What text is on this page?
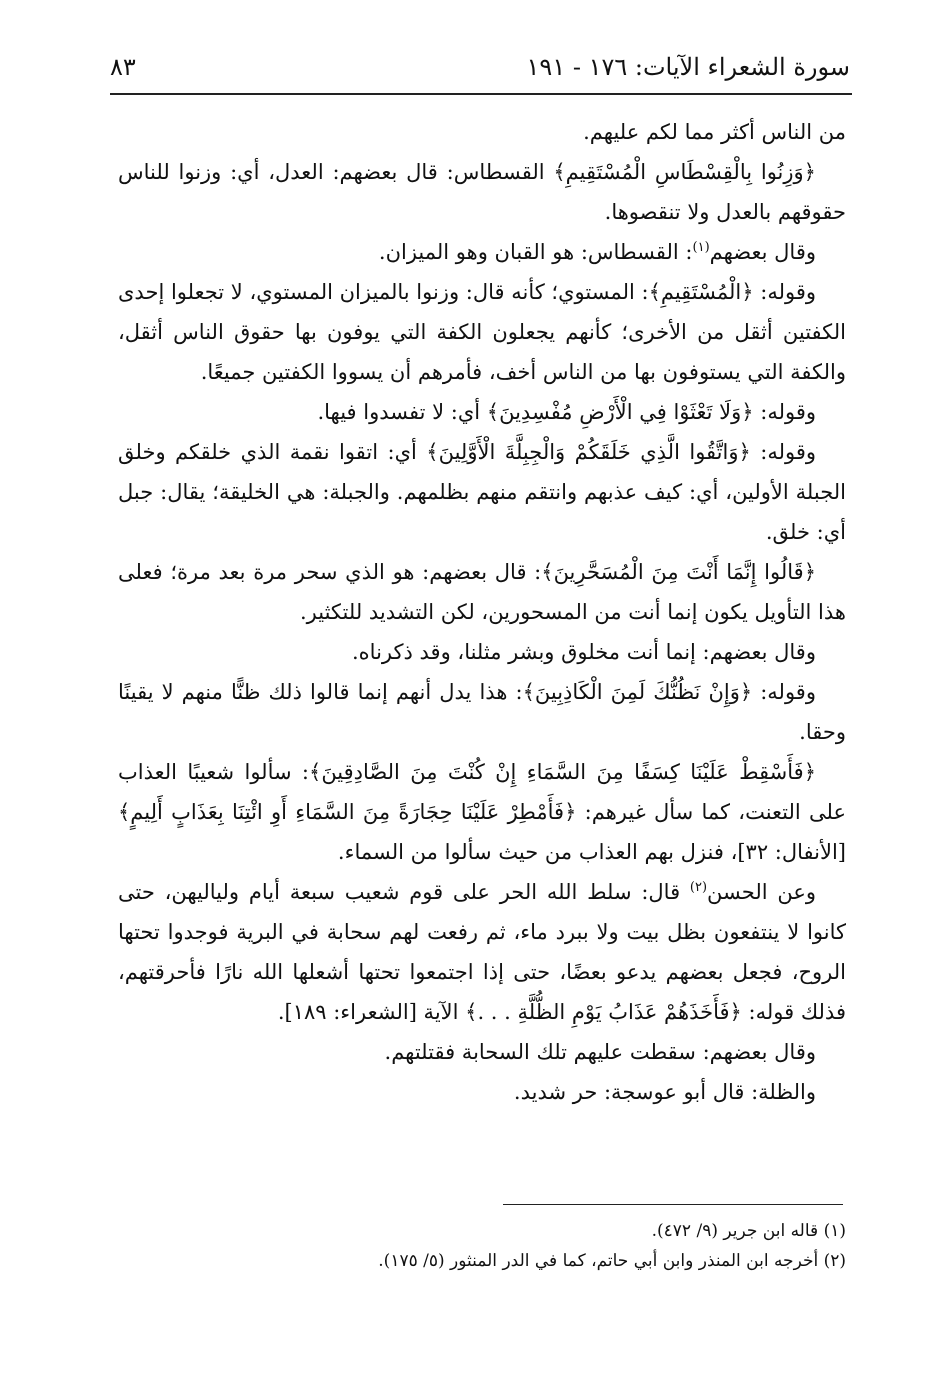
سورة الشعراء الآيات: ١٧٦ - ١٩١
٨٣

من الناس أكثر مما لكم عليهم.

﴿وَزِنُوا بِالْقِسْطَاسِ الْمُسْتَقِيمِ﴾ القسطاس: قال بعضهم: العدل، أي: وزنوا للناس حقوقهم بالعدل ولا تنقصوها.

وقال بعضهم$^{(١)}$: القسطاس: هو القبان وهو الميزان.

وقوله: ﴿الْمُسْتَقِيمِ﴾: المستوي؛ كأنه قال: وزنوا بالميزان المستوي، لا تجعلوا إحدى الكفتين أثقل من الأخرى؛ كأنهم يجعلون الكفة التي يوفون بها حقوق الناس أثقل، والكفة التي يستوفون بها من الناس أخف، فأمرهم أن يسووا الكفتين جميعًا.

وقوله: ﴿وَلَا تَعْثَوْا فِي الْأَرْضِ مُفْسِدِينَ﴾ أي: لا تفسدوا فيها.

وقوله: ﴿وَاتَّقُوا الَّذِي خَلَقَكُمْ وَالْجِبِلَّةَ الْأَوَّلِينَ﴾ أي: اتقوا نقمة الذي خلقكم وخلق الجبلة الأولين، أي: كيف عذبهم وانتقم منهم بظلمهم. والجبلة: هي الخليقة؛ يقال: جبل أي: خلق.

﴿قَالُوا إِنَّمَا أَنْتَ مِنَ الْمُسَحَّرِينَ﴾: قال بعضهم: هو الذي سحر مرة بعد مرة؛ فعلى هذا التأويل يكون إنما أنت من المسحورين، لكن التشديد للتكثير.

وقال بعضهم: إنما أنت مخلوق وبشر مثلنا، وقد ذكرناه.

وقوله: ﴿وَإِنْ نَظُنُّكَ لَمِنَ الْكَاذِبِينَ﴾: هذا يدل أنهم إنما قالوا ذلك ظنًّا منهم لا يقينًا وحقا.

﴿فَأَسْقِطْ عَلَيْنَا كِسَفًا مِنَ السَّمَاءِ إِنْ كُنْتَ مِنَ الصَّادِقِينَ﴾: سألوا شعيبًا العذاب على التعنت، كما سأل غيرهم: ﴿فَأَمْطِرْ عَلَيْنَا حِجَارَةً مِنَ السَّمَاءِ أَوِ ائْتِنَا بِعَذَابٍ أَلِيمٍ﴾ [الأنفال: ٣٢]، فنزل بهم العذاب من حيث سألوا من السماء.

وعن الحسن$^{(٢)}$ قال: سلط الله الحر على قوم شعيب سبعة أيام ولياليهن، حتى كانوا لا ينتفعون بظل بيت ولا ببرد ماء، ثم رفعت لهم سحابة في البرية فوجدوا تحتها الروح، فجعل بعضهم يدعو بعضًا، حتى إذا اجتمعوا تحتها أشعلها الله نارًا فأحرقتهم، فذلك قوله: ﴿فَأَخَذَهُمْ عَذَابُ يَوْمِ الظُّلَّةِ . . .﴾ الآية [الشعراء: ١٨٩].

وقال بعضهم: سقطت عليهم تلك السحابة فقتلتهم.

والظلة: قال أبو عوسجة: حر شديد.

(١) قاله ابن جرير (٩/ ٤٧٢).

(٢) أخرجه ابن المنذر وابن أبي حاتم، كما في الدر المنثور (٥/ ١٧٥).
